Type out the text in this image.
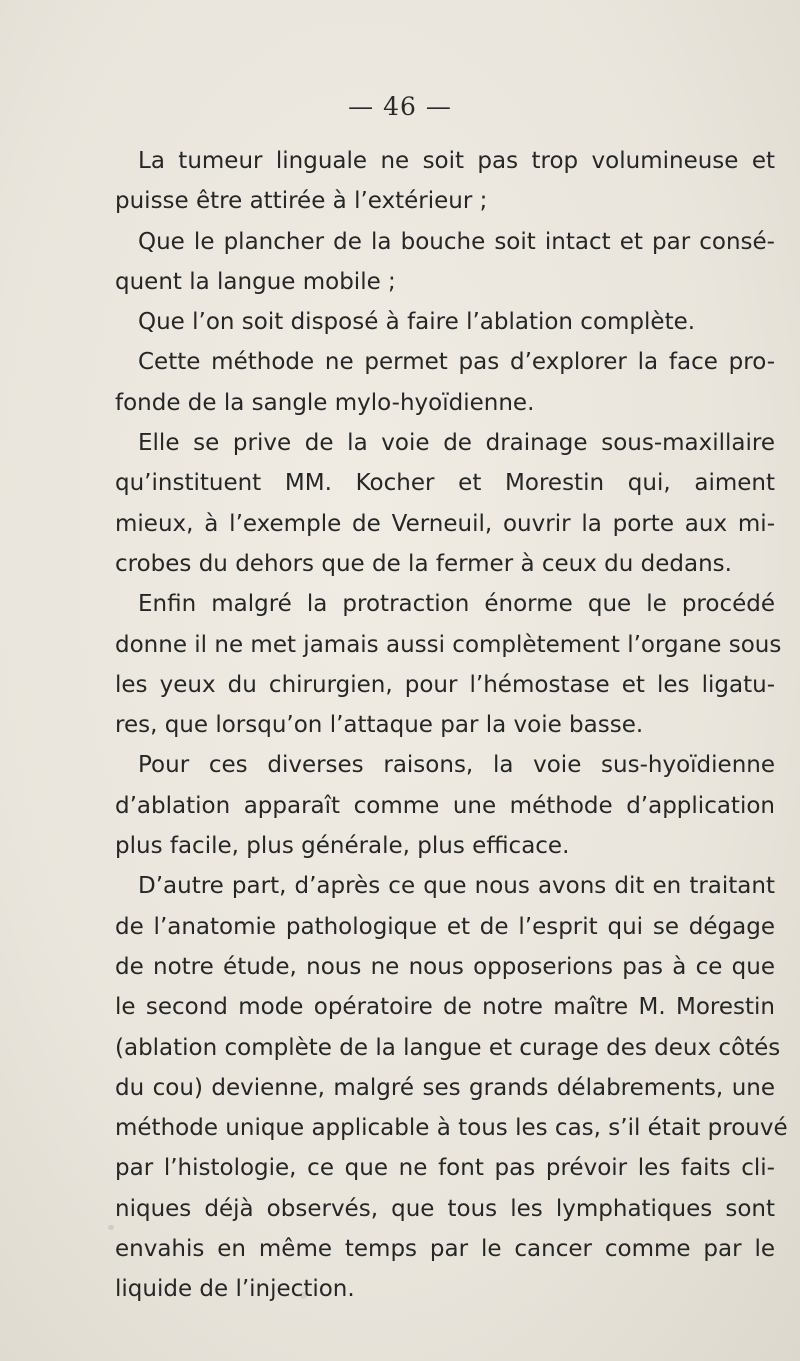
— 46 —
La tumeur linguale ne soit pas trop volumineuse et
puisse être attirée à l’extérieur ;
Que le plancher de la bouche soit intact et par consé-
quent la langue mobile ;
Que l’on soit disposé à faire l’ablation complète.
Cette méthode ne permet pas d’explorer la face pro-
fonde de la sangle mylo-hyoïdienne.
Elle se prive de la voie de drainage sous-maxillaire
qu’instituent MM. Kocher et Morestin qui, aiment
mieux, à l’exemple de Verneuil, ouvrir la porte aux mi-
crobes du dehors que de la fermer à ceux du dedans.
Enfin malgré la protraction énorme que le procédé
donne il ne met jamais aussi complètement l’organe sous
les yeux du chirurgien, pour l’hémostase et les ligatu-
res, que lorsqu’on l’attaque par la voie basse.
Pour ces diverses raisons, la voie sus-hyoïdienne
d’ablation apparaît comme une méthode d’application
plus facile, plus générale, plus efficace.
D’autre part, d’après ce que nous avons dit en traitant
de l’anatomie pathologique et de l’esprit qui se dégage
de notre étude, nous ne nous opposerions pas à ce que
le second mode opératoire de notre maître M. Morestin
(ablation complète de la langue et curage des deux côtés
du cou) devienne, malgré ses grands délabrements, une
méthode unique applicable à tous les cas, s’il était prouvé
par l’histologie, ce que ne font pas prévoir les faits cli-
niques déjà observés, que tous les lymphatiques sont
envahis en même temps par le cancer comme par le
liquide de l’injection.
